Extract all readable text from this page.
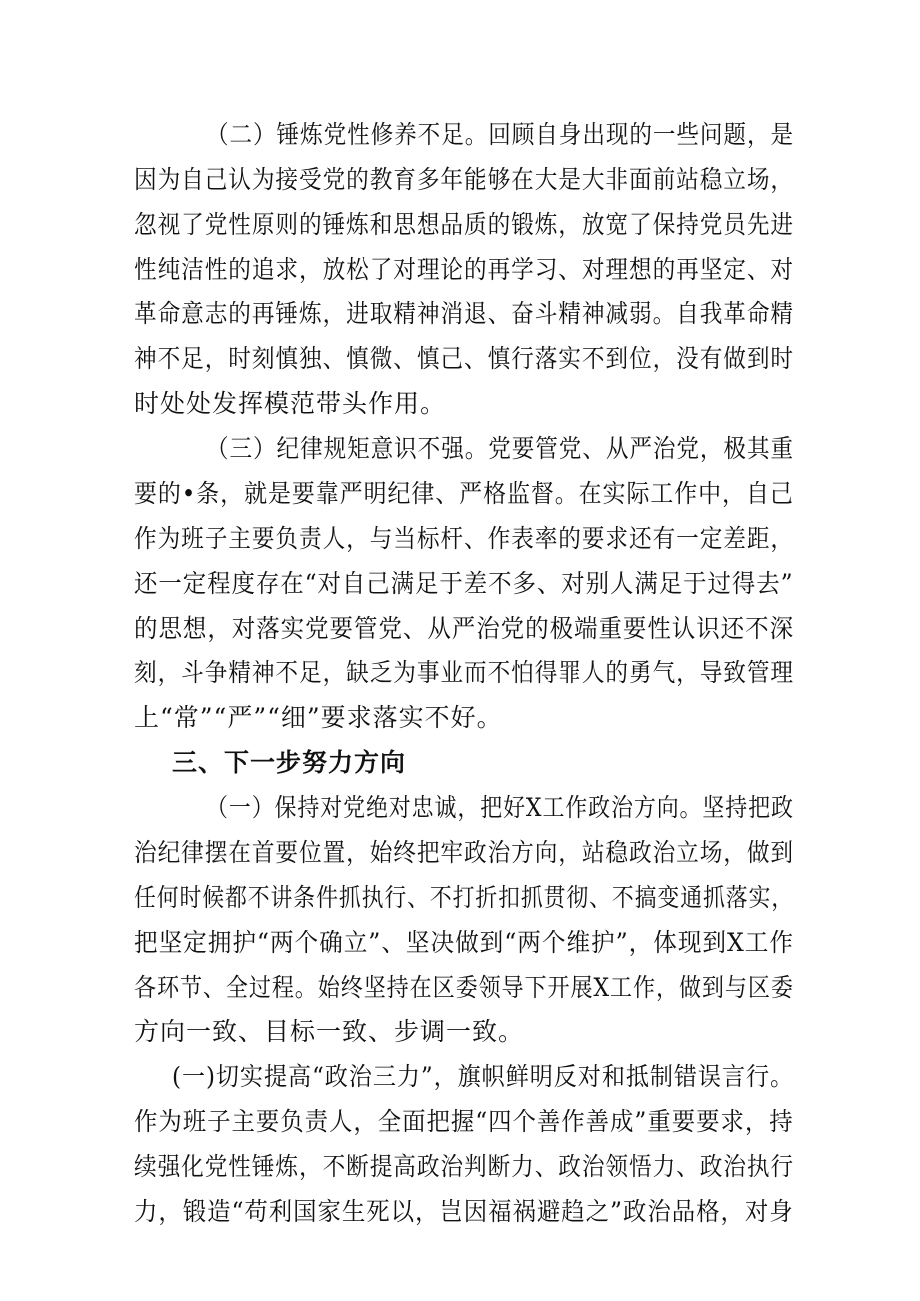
（二）锤炼党性修养不足。回顾自身出现的一些问题，是
因为自己认为接受党的教育多年能够在大是大非面前站稳立场，
忽视了党性原则的锤炼和思想品质的锻炼，放宽了保持党员先进
性纯洁性的追求，放松了对理论的再学习、对理想的再坚定、对
革命意志的再锤炼，进取精神消退、奋斗精神减弱。自我革命精
神不足，时刻慎独、慎微、慎己、慎行落实不到位，没有做到时
时处处发挥模范带头作用。
（三）纪律规矩意识不强。党要管党、从严治党，极其重
要的•条，就是要靠严明纪律、严格监督。在实际工作中，自己
作为班子主要负责人，与当标杆、作表率的要求还有一定差距，
还一定程度存在“对自己满足于差不多、对别人满足于过得去”
的思想，对落实党要管党、从严治党的极端重要性认识还不深
刻，斗争精神不足，缺乏为事业而不怕得罪人的勇气，导致管理
上“常”“严”“细”要求落实不好。
三、下一步努力方向
（一）保持对党绝对忠诚，把好X工作政治方向。坚持把政
治纪律摆在首要位置，始终把牢政治方向，站稳政治立场，做到
任何时候都不讲条件抓执行、不打折扣抓贯彻、不搞变通抓落实，
把坚定拥护“两个确立”、坚决做到“两个维护”，体现到X工作
各环节、全过程。始终坚持在区委领导下开展X工作，做到与区委
方向一致、目标一致、步调一致。
(一)切实提高“政治三力”，旗帜鲜明反对和抵制错误言行。
作为班子主要负责人，全面把握“四个善作善成”重要要求，持
续强化党性锤炼，不断提高政治判断力、政治领悟力、政治执行
力，锻造“苟利国家生死以，岂因福祸避趋之”政治品格，对身
